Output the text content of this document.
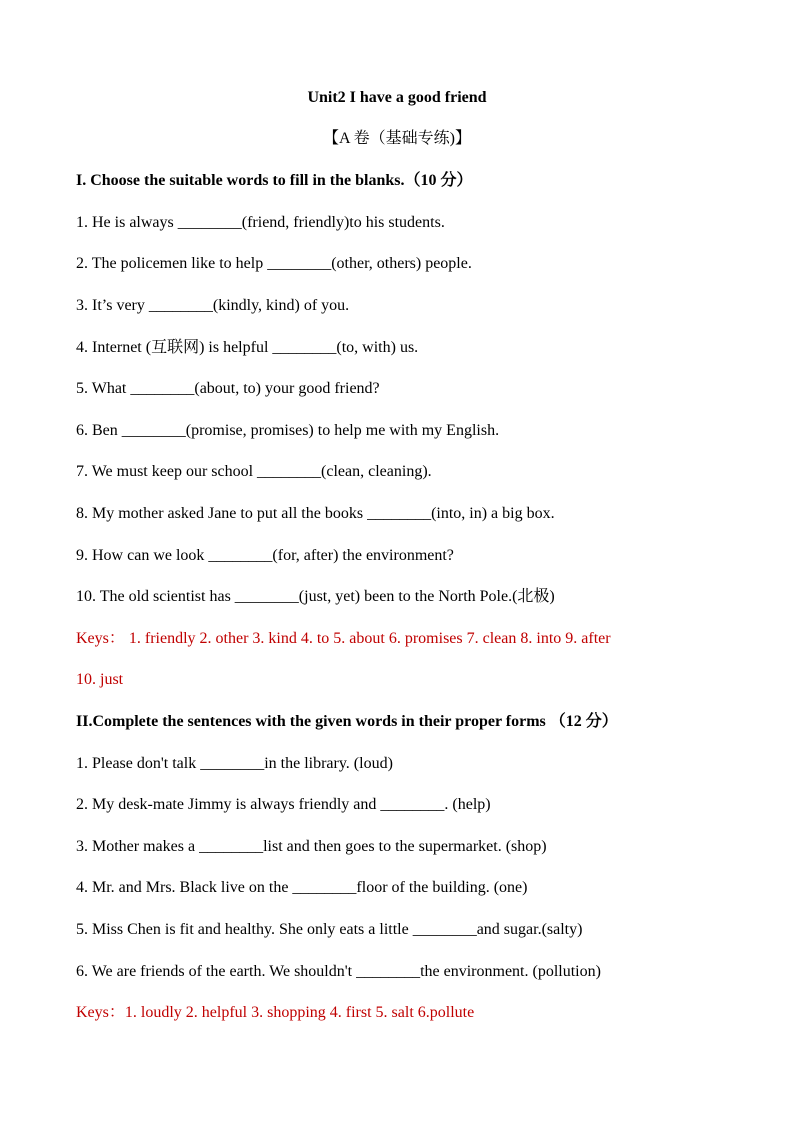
Unit2 I have a good friend
【A 卷（基础专练)】
I. Choose the suitable words to fill in the blanks.（10 分）
1. He is always ________(friend, friendly)to his students.
2. The policemen like to help ________(other, others) people.
3. It’s very ________(kindly, kind) of you.
4. Internet (互联网) is helpful ________(to, with) us.
5. What ________(about, to) your good friend?
6. Ben ________(promise, promises) to help me with my English.
7. We must keep our school ________(clean, cleaning).
8. My mother asked Jane to put all the books ________(into, in) a big box.
9. How can we look ________(for, after) the environment?
10. The old scientist has ________(just, yet) been to the North Pole.(北极)
Keys： 1. friendly 2. other 3. kind 4. to 5. about 6. promises 7. clean 8. into 9. after
10. just
II.Complete the sentences with the given words in their proper forms （12 分）
1. Please don't talk ________in the library. (loud)
2. My desk-mate Jimmy is always friendly and ________. (help)
3. Mother makes a ________list and then goes to the supermarket. (shop)
4. Mr. and Mrs. Black live on the ________floor of the building. (one)
5. Miss Chen is fit and healthy. She only eats a little ________and sugar.(salty)
6. We are friends of the earth. We shouldn't ________the environment. (pollution)
Keys：1. loudly 2. helpful 3. shopping 4. first 5. salt 6.pollute
